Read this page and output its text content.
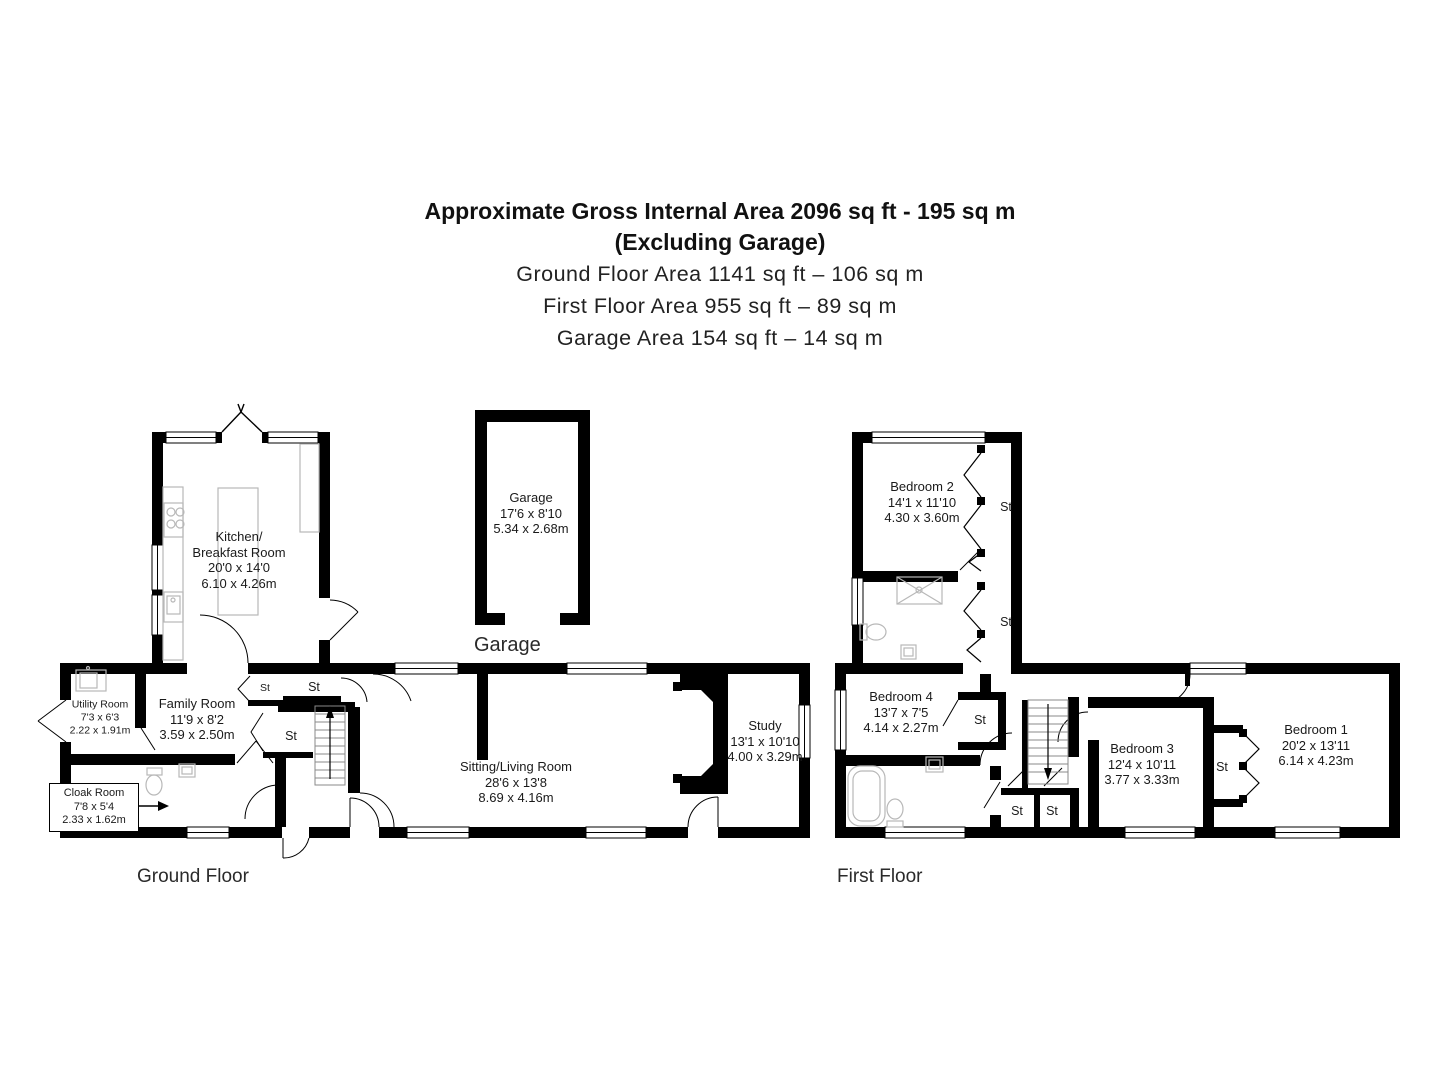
Approximate Gross Internal Area 2096 sq ft - 195 sq m
(Excluding Garage)
Ground Floor Area 1141 sq ft – 106 sq m
First Floor Area 955 sq ft – 89 sq m
Garage Area 154 sq ft – 14 sq m
Kitchen/
Breakfast Room
20'0 x 14'0
6.10 x 4.26m
Garage
17'6 x 8'10
5.34 x 2.68m
Utility Room
7'3 x 6'3
2.22 x 1.91m
Family Room
11'9 x 8'2
3.59 x 2.50m
Sitting/Living Room
28'6 x 13'8
8.69 x 4.16m
Study
13'1 x 10'10
4.00 x 3.29m
Bedroom 2
14'1 x 11'10
4.30 x 3.60m
Bedroom 4
13'7 x 7'5
4.14 x 2.27m
Bedroom 3
12'4 x 10'11
3.77 x 3.33m
Bedroom 1
20'2 x 13'11
6.14 x 4.23m
Cloak Room
7'8 x 5'4
2.33 x 1.62m
St	St
St
St
St
St
St St
St
Garage
Ground Floor	First Floor
